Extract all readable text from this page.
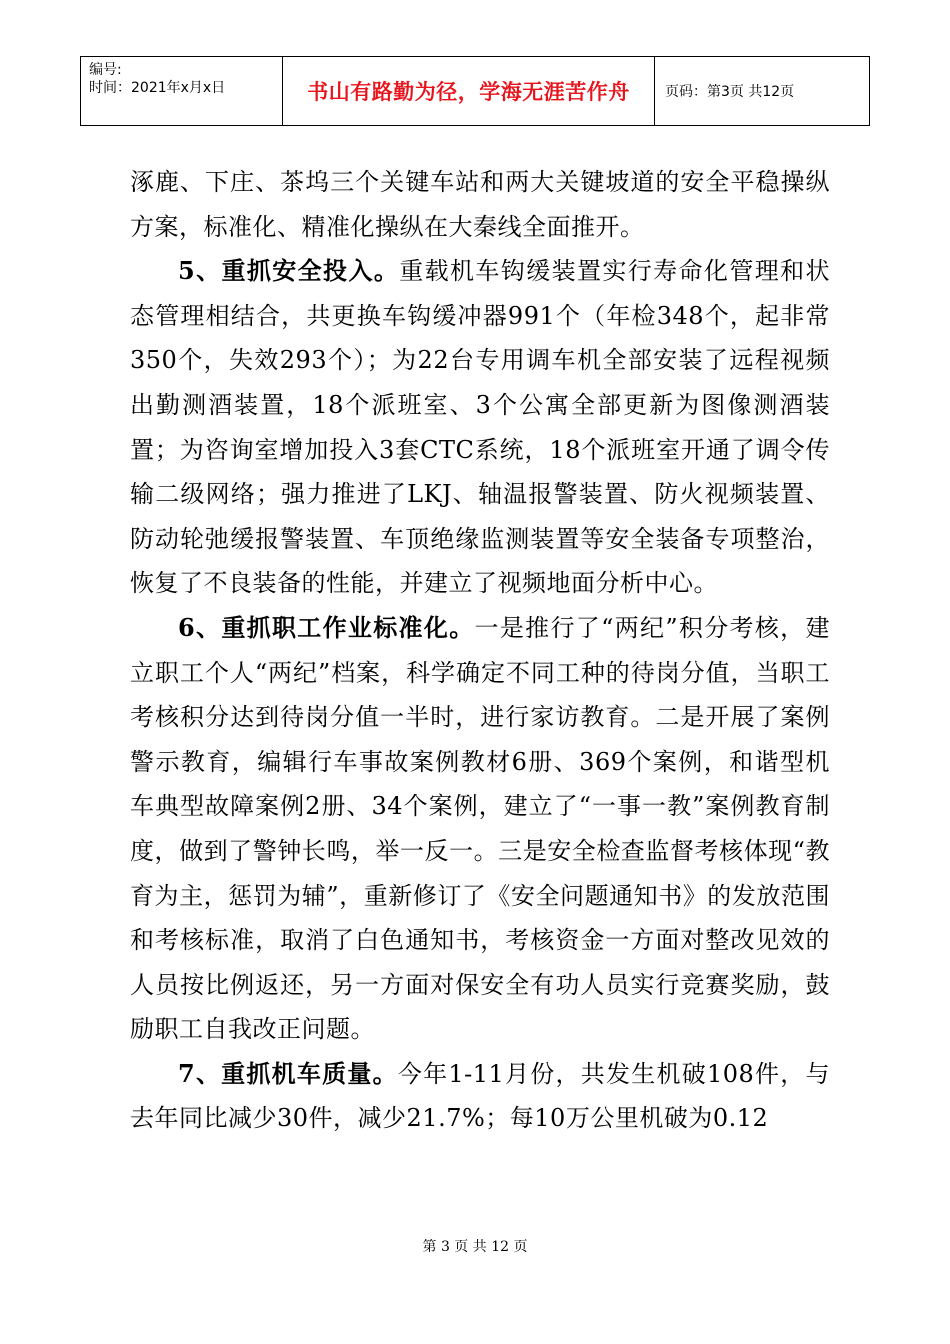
编号:
时间：2021年x月x日	书山有路勤为径，学海无涯苦作舟	页码：第3页 共12页

涿鹿、下庄、茶坞三个关键车站和两大关键坡道的安全平稳操纵方案，标准化、精准化操纵在大秦线全面推开。

5、重抓安全投入。重载机车钩缓装置实行寿命化管理和状态管理相结合，共更换车钩缓冲器991个（年检348个，起非常350个，失效293个）；为22台专用调车机全部安装了远程视频出勤测酒装置，18个派班室、3个公寓全部更新为图像测酒装置；为咨询室增加投入3套CTC系统，18个派班室开通了调令传输二级网络；强力推进了LKJ、轴温报警装置、防火视频装置、防动轮弛缓报警装置、车顶绝缘监测装置等安全装备专项整治，恢复了不良装备的性能，并建立了视频地面分析中心。

6、重抓职工作业标准化。一是推行了“两纪”积分考核，建立职工个人“两纪”档案，科学确定不同工种的待岗分值，当职工考核积分达到待岗分值一半时，进行家访教育。二是开展了案例警示教育，编辑行车事故案例教材6册、369个案例，和谐型机车典型故障案例2册、34个案例，建立了“一事一教”案例教育制度，做到了警钟长鸣，举一反一。三是安全检查监督考核体现“教育为主，惩罚为辅”，重新修订了《安全问题通知书》的发放范围和考核标准，取消了白色通知书，考核资金一方面对整改见效的人员按比例返还，另一方面对保安全有功人员实行竞赛奖励，鼓励职工自我改正问题。

7、重抓机车质量。今年1-11月份，共发生机破108件，与去年同比减少30件，减少21.7%；每10万公里机破为0.12

第 3 页 共 12 页
